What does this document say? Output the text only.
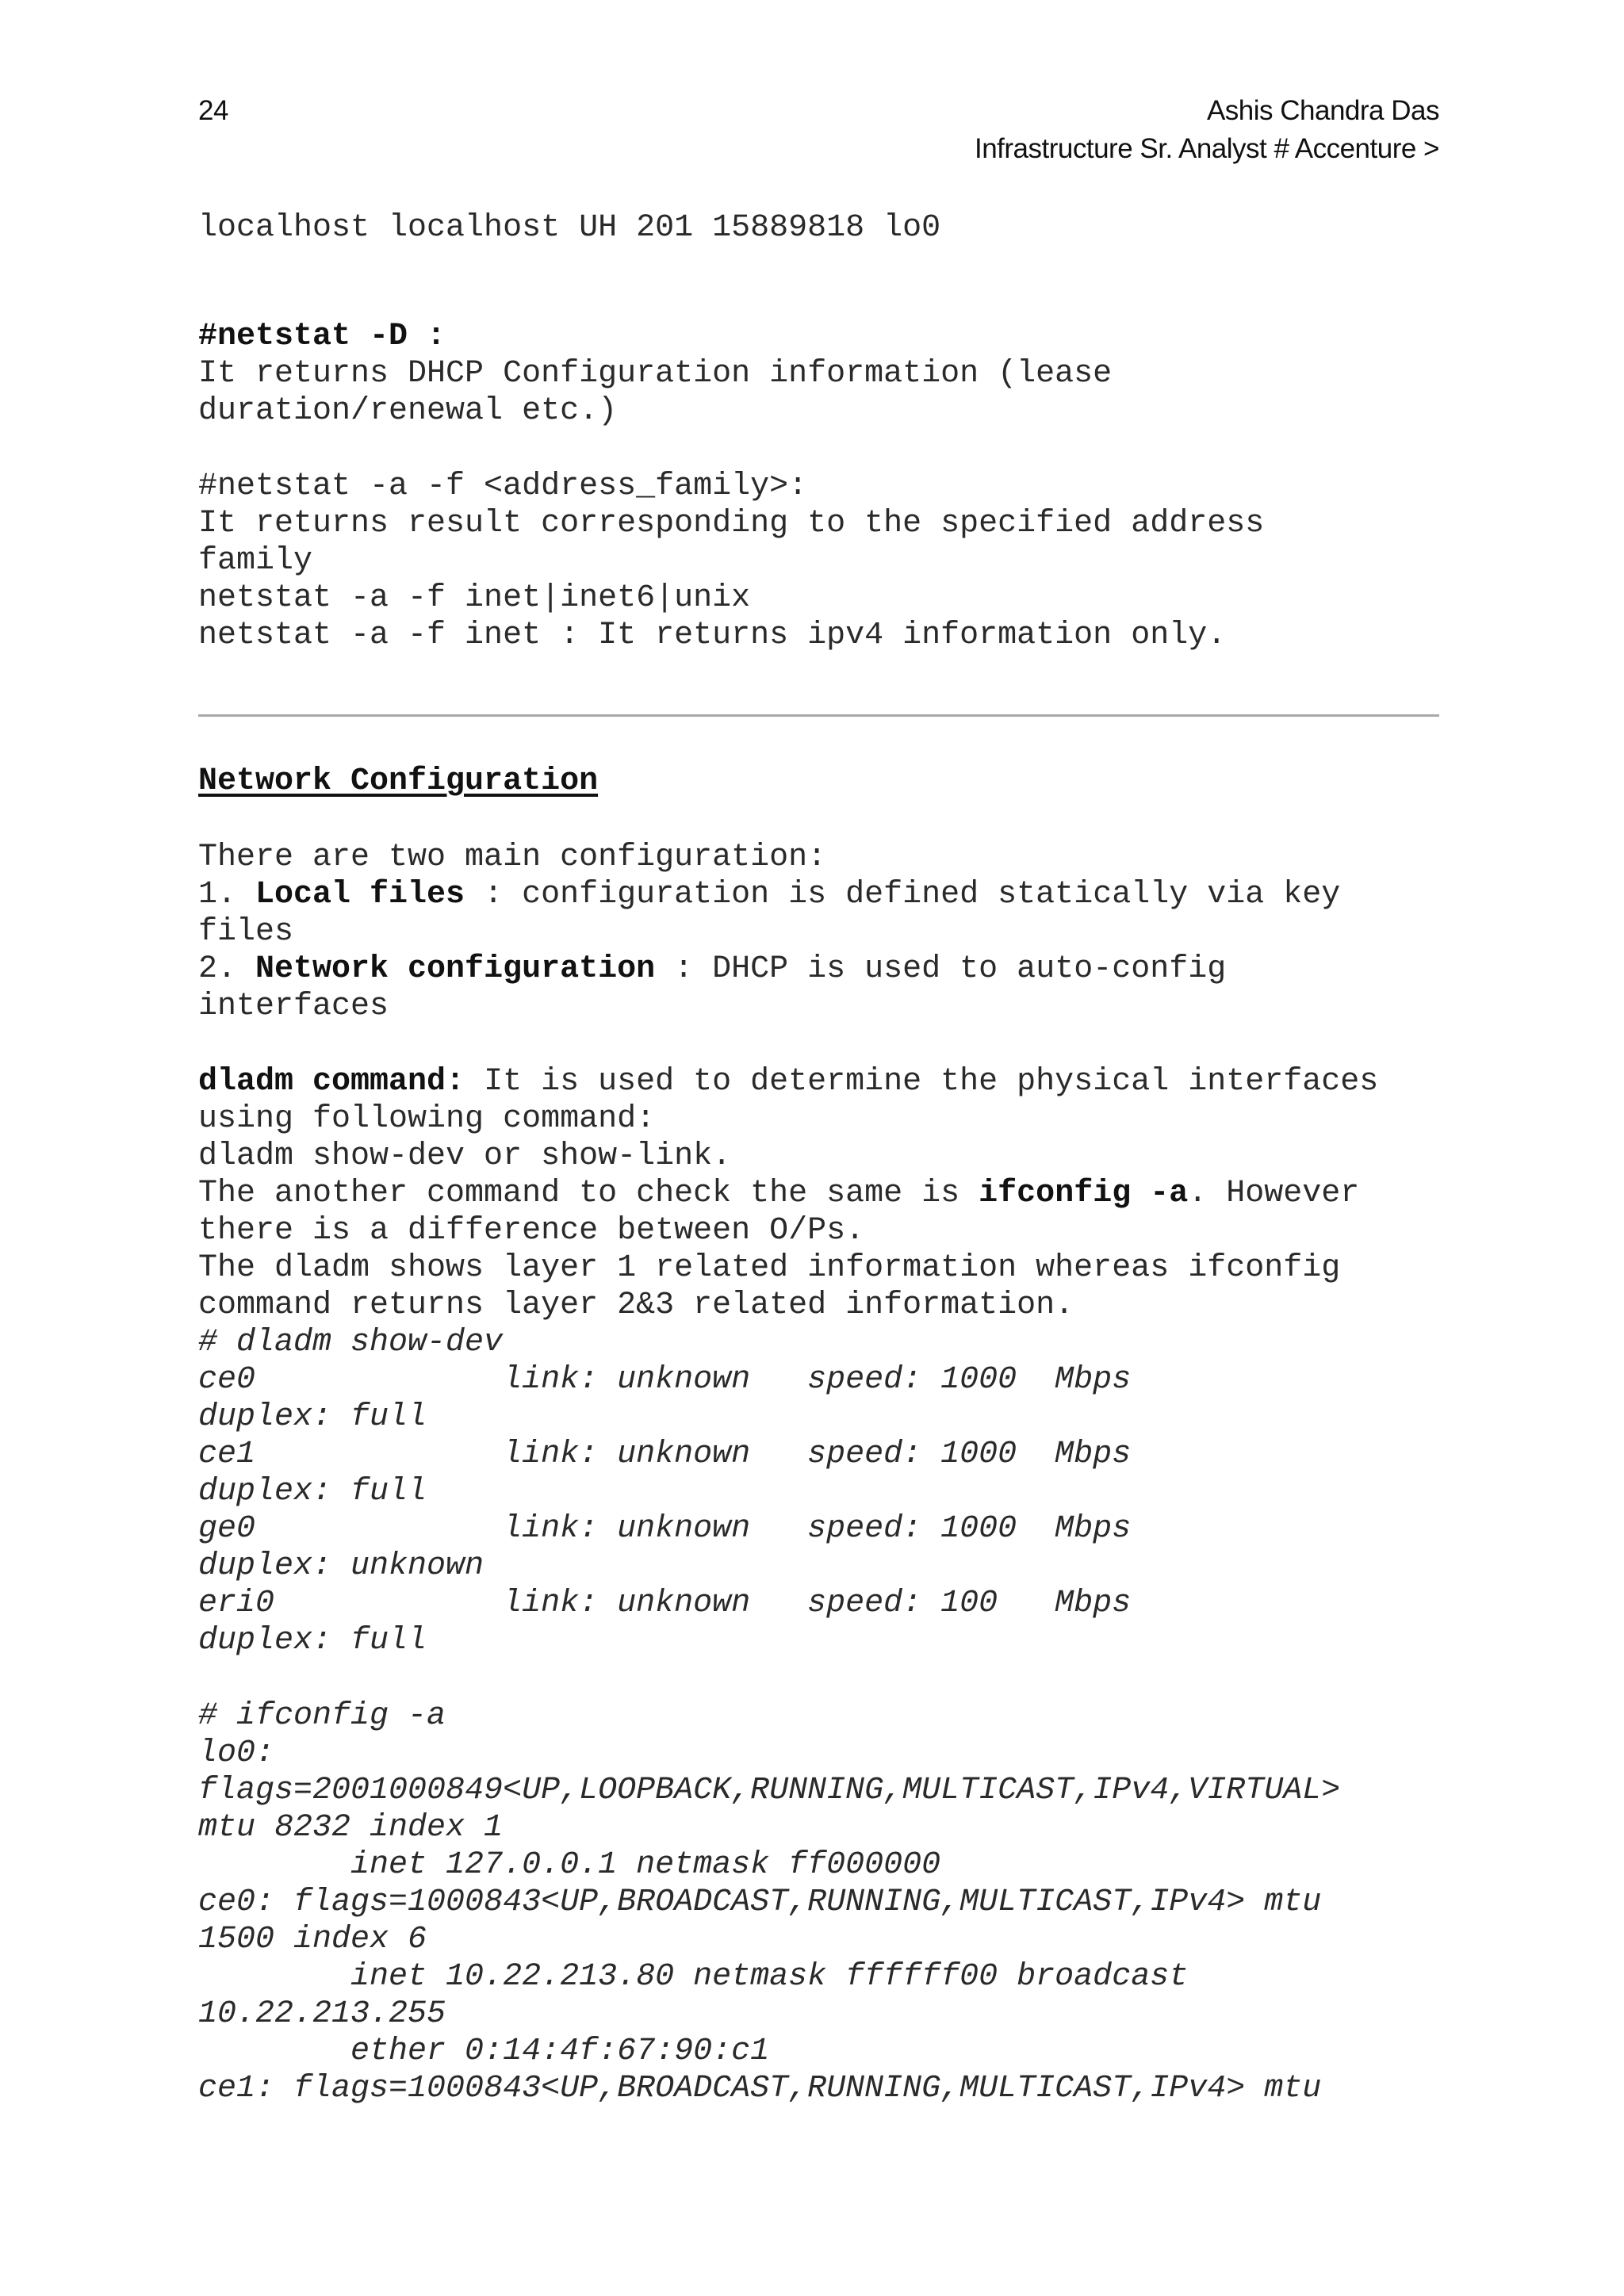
24	Ashis Chandra Das
Infrastructure Sr. Analyst # Accenture >
localhost localhost UH 201 15889818 lo0
#netstat -D :
It returns DHCP Configuration information (lease
duration/renewal etc.)
#netstat -a -f <address_family>:
It returns result corresponding to the specified address
family
netstat -a -f inet|inet6|unix
netstat -a -f inet : It returns ipv4 information only.
Network Configuration
There are two main configuration:
1. Local files : configuration is defined statically via key
files
2. Network configuration : DHCP is used to auto-config
interfaces
dladm command: It is used to determine the physical interfaces
using following command:
dladm show-dev or show-link.
The another command to check the same is ifconfig -a. However
there is a difference between O/Ps.
The dladm shows layer 1 related information whereas ifconfig
command returns layer 2&3 related information.
# dladm show-dev
ce0             link: unknown   speed: 1000  Mbps
duplex: full
ce1             link: unknown   speed: 1000  Mbps
duplex: full
ge0             link: unknown   speed: 1000  Mbps
duplex: unknown
eri0            link: unknown   speed: 100   Mbps
duplex: full
# ifconfig -a
lo0:
flags=2001000849<UP,LOOPBACK,RUNNING,MULTICAST,IPv4,VIRTUAL>
mtu 8232 index 1
inet 127.0.0.1 netmask ff000000
ce0: flags=1000843<UP,BROADCAST,RUNNING,MULTICAST,IPv4> mtu
1500 index 6
inet 10.22.213.80 netmask ffffff00 broadcast
10.22.213.255
ether 0:14:4f:67:90:c1
ce1: flags=1000843<UP,BROADCAST,RUNNING,MULTICAST,IPv4> mtu
